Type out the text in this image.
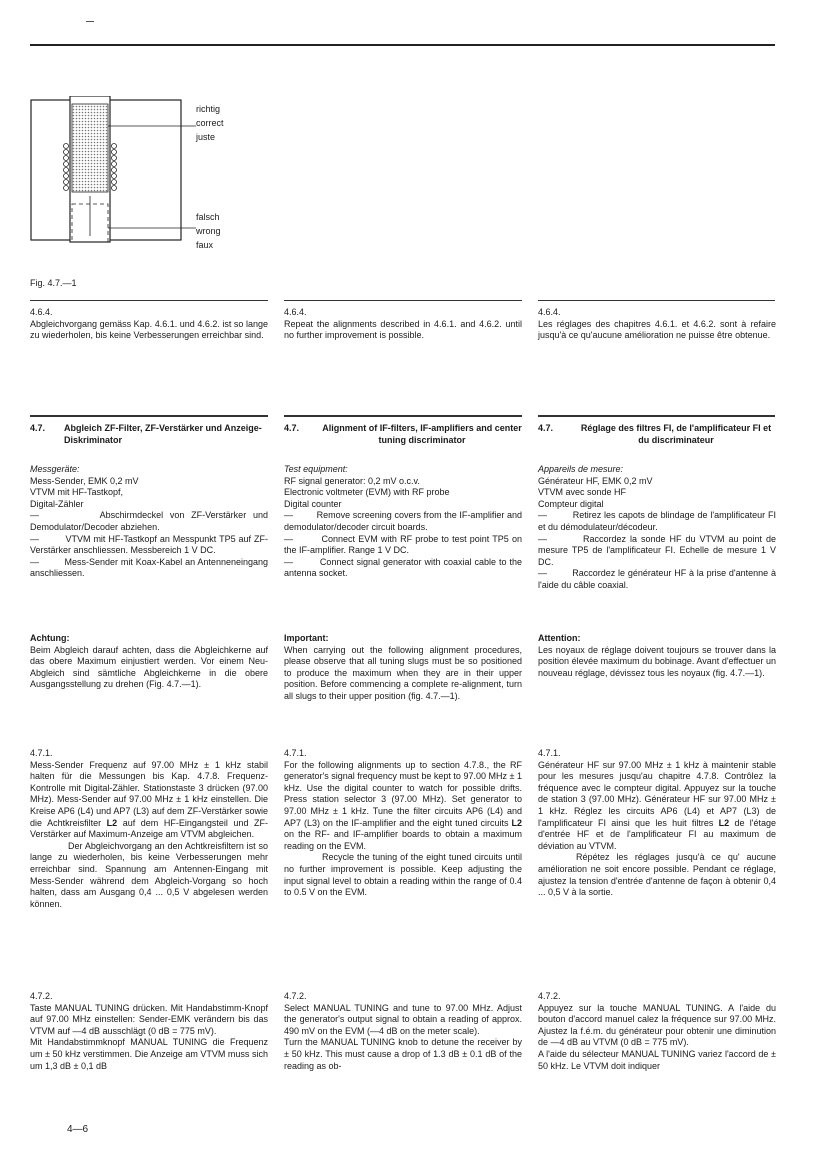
richtig
correct
juste
falsch
wrong
faux
Fig. 4.7.—1

4.6.4.

Abgleichvorgang gemäss Kap. 4.6.1. und 4.6.2. ist so lange zu wiederholen, bis keine Verbesserungen erreichbar sind.

4.6.4.

Repeat the alignments described in 4.6.1. and 4.6.2. until no further improvement is possible.

4.6.4.

Les réglages des chapitres 4.6.1. et 4.6.2. sont à refaire jusqu'à ce qu'aucune amélioration ne puisse être obtenue.

4.7. Abgleich ZF-Filter, ZF-Verstärker und Anzeige-Diskriminator
4.7.	Alignment of IF-filters, IF-amplifiers and center tuning discriminator
4.7.	Réglage des filtres FI, de l'amplificateur FI et du discriminateur

Messgeräte:

Mess-Sender, EMK 0,2 mV

VTVM mit HF-Tastkopf,

Digital-Zähler

—         Abschirmdeckel von ZF-Verstärker und Demodulator/Decoder abziehen.

—         VTVM mit HF-Tastkopf an Messpunkt TP5 auf ZF-Verstärker anschliessen. Messbereich 1 V DC.

—         Mess-Sender mit Koax-Kabel an Antenneneingang anschliessen.

Test equipment:

RF signal generator: 0,2 mV o.c.v.

Electronic voltmeter (EVM) with RF probe

Digital counter

—         Remove screening covers from the IF-amplifier and demodulator/decoder circuit boards.

—         Connect EVM with RF probe to test point TP5 on the IF-amplifier. Range 1 V DC.

—         Connect signal generator with coaxial cable to the antenna socket.

Appareils de mesure:

Générateur HF, EMK 0,2 mV

VTVM avec sonde HF

Compteur digital

—         Retirez les capots de blindage de l'amplificateur FI et du démodulateur/décodeur.

—         Raccordez la sonde HF du VTVM au point de mesure TP5 de l'amplificateur FI. Echelle de mesure 1 V DC.

—         Raccordez le générateur HF à la prise d'antenne à l'aide du câble coaxial.

Achtung:

Beim Abgleich darauf achten, dass die Abgleichkerne auf das obere Maximum einjustiert werden. Vor einem Neu-Abgleich sind sämtliche Abgleichkerne in die obere Ausgangsstellung zu drehen (Fig. 4.7.—1).

Important:

When carrying out the following alignment procedures, please observe that all tuning slugs must be so positioned to produce the maximum when they are in their upper position. Before commencing a complete re-alignment, turn all slugs to their upper position (fig. 4.7.—1).

Attention:

Les noyaux de réglage doivent toujours se trouver dans la position élevée maximum du bobinage. Avant d'effectuer un nouveau réglage, dévissez tous les noyaux (fig. 4.7.—1).

4.7.1.

Mess-Sender Frequenz auf 97.00 MHz ± 1 kHz stabil halten für die Messungen bis Kap. 4.7.8. Frequenz-Kontrolle mit Digital-Zähler. Stationstaste 3 drücken (97.00 MHz). Mess-Sender auf 97.00 MHz ± 1 kHz einstellen. Die Kreise AP6 (L4) und AP7 (L3) auf dem ZF-Verstärker sowie die Achtkreisfilter L2 auf dem HF-Eingangsteil und ZF-Verstärker auf Maximum-Anzeige am VTVM abgleichen.

Der Abgleichvorgang an den Achtkreisfiltern ist so lange zu wiederholen, bis keine Verbesserungen mehr erreichbar sind. Spannung am Antennen-Eingang mit Mess-Sender während dem Abgleich-Vorgang so hoch halten, dass am Ausgang 0,4 ... 0,5 V abgelesen werden können.

4.7.1.

For the following alignments up to section 4.7.8., the RF generator's signal frequency must be kept to 97.00 MHz ± 1 kHz. Use the digital counter to watch for possible drifts. Press station selector 3 (97.00 MHz). Set generator to 97.00 MHz ± 1 kHz. Tune the filter circuits AP6 (L4) and AP7 (L3) on the IF-amplifier and the eight tuned circuits L2 on the RF- and IF-amplifier boards to obtain a maximum reading on the EVM.

Recycle the tuning of the eight tuned circuits until no further improvement is possible. Keep adjusting the input signal level to obtain a reading within the range of 0.4 to 0.5 V on the EVM.

4.7.1.

Générateur HF sur 97.00 MHz ± 1 kHz à maintenir stable pour les mesures jusqu'au chapitre 4.7.8. Contrôlez la fréquence avec le compteur digital. Appuyez sur la touche de station 3 (97.00 MHz). Générateur HF sur 97.00 MHz ± 1 kHz. Réglez les circuits AP6 (L4) et AP7 (L3) de l'amplificateur FI ainsi que les huit filtres L2 de l'étage d'entrée HF et de l'amplificateur FI au maximum de déviation au VTVM.

Répétez les réglages jusqu'à ce qu' aucune amélioration ne soit encore possible. Pendant ce réglage, ajustez la tension d'entrée d'antenne de façon à obtenir 0,4 ... 0,5 V à la sortie.

4.7.2.

Taste MANUAL TUNING drücken. Mit Handabstimm-Knopf auf 97.00 MHz einstellen: Sender-EMK verändern bis das VTVM auf —4 dB ausschlägt (0 dB = 775 mV).

Mit Handabstimmknopf MANUAL TUNING die Frequenz um ± 50 kHz verstimmen. Die Anzeige am VTVM muss sich um 1,3 dB ± 0,1 dB

4.7.2.

Select MANUAL TUNING and tune to 97.00 MHz. Adjust the generator's output signal to obtain a reading of approx. 490 mV on the EVM (—4 dB on the meter scale).

Turn the MANUAL TUNING knob to detune the receiver by ± 50 kHz. This must cause a drop of 1.3 dB ± 0.1 dB of the reading as ob-

4.7.2.

Appuyez sur la touche MANUAL TUNING. A l'aide du bouton d'accord manuel calez la fréquence sur 97.00 MHz. Ajustez la f.é.m. du générateur pour obtenir une diminution de —4 dB au VTVM (0 dB = 775 mV).

A l'aide du sélecteur MANUAL TUNING variez l'accord de ± 50 kHz. Le VTVM doit indiquer

4—6
